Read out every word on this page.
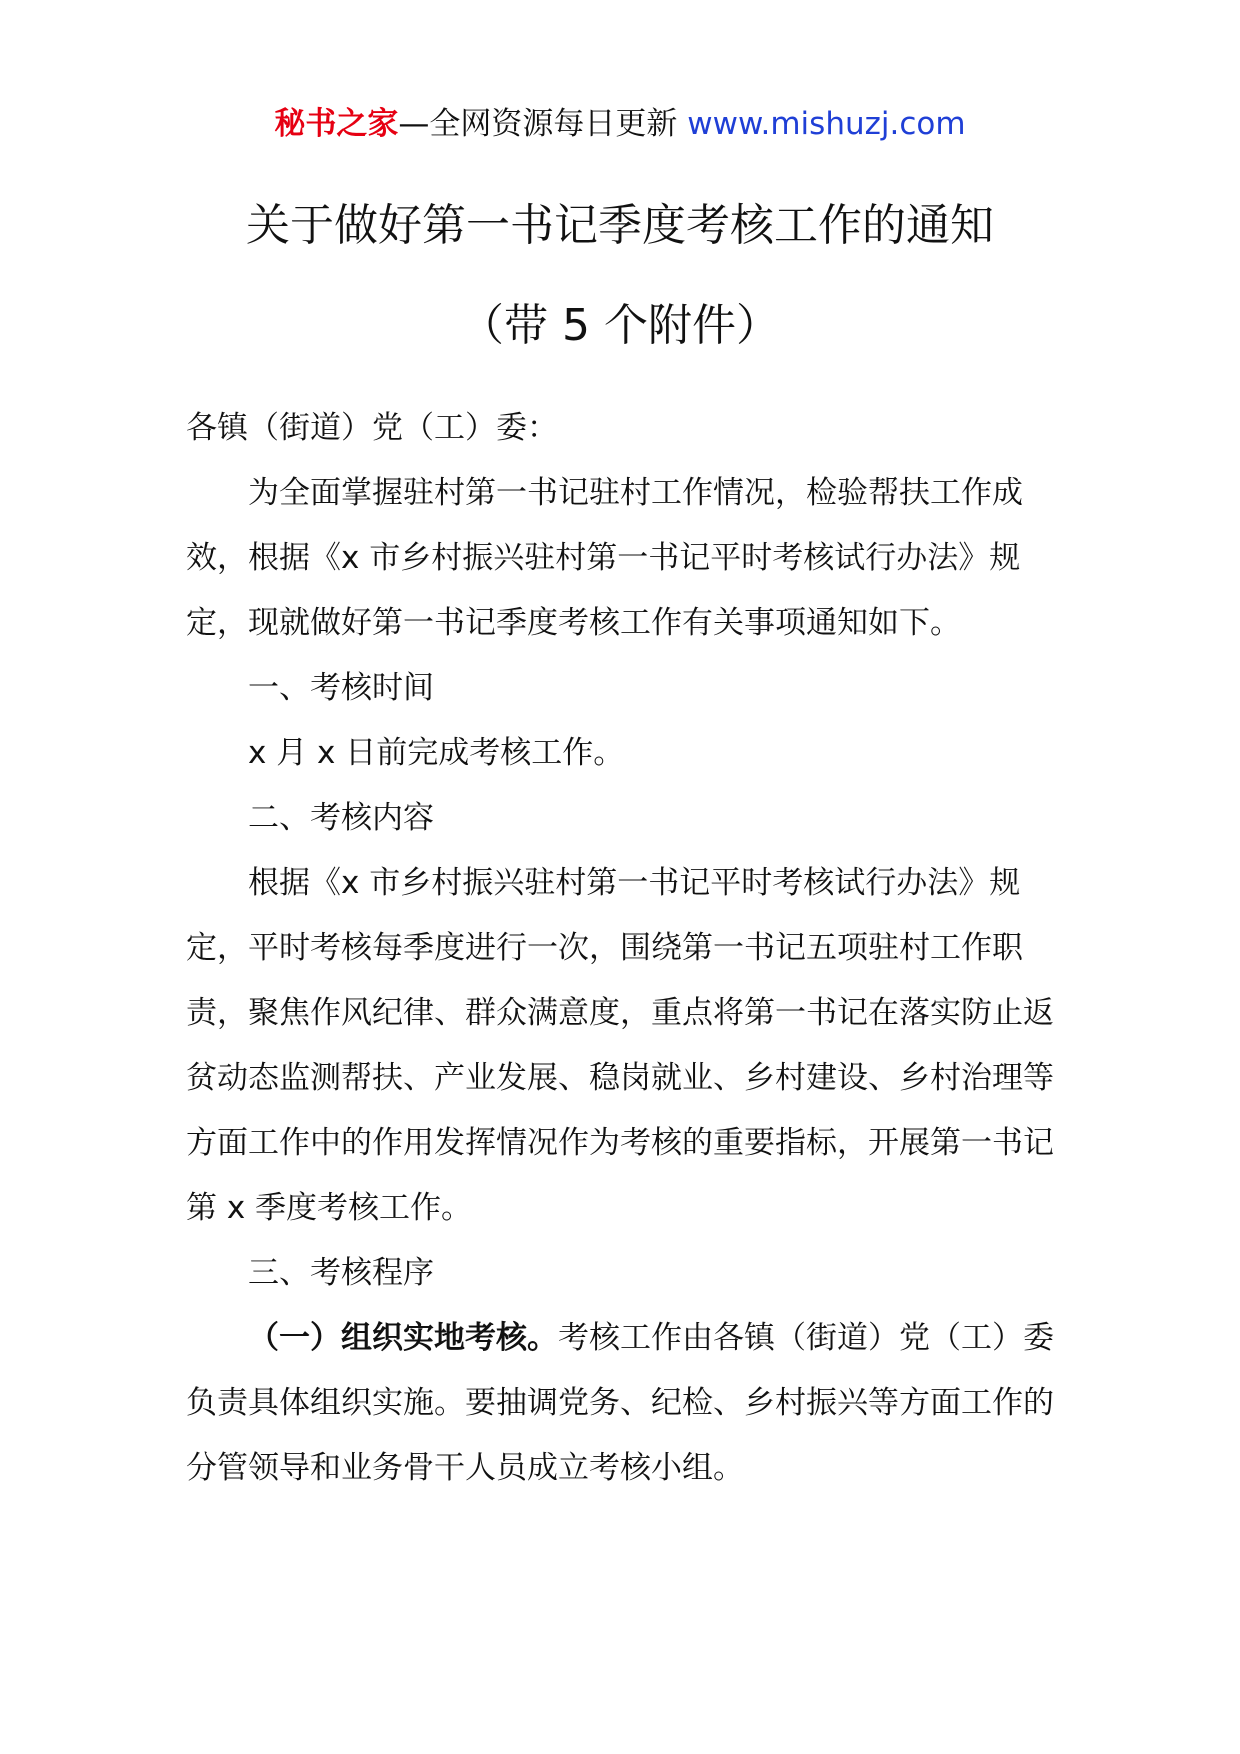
秘书之家—全网资源每日更新 www.mishuzj.com
关于做好第一书记季度考核工作的通知
（带 5 个附件）

各镇（街道）党（工）委：

为全面掌握驻村第一书记驻村工作情况，检验帮扶工作成效，根据《x 市乡村振兴驻村第一书记平时考核试行办法》规定，现就做好第一书记季度考核工作有关事项通知如下。

一、考核时间

x 月 x 日前完成考核工作。

二、考核内容

根据《x 市乡村振兴驻村第一书记平时考核试行办法》规定，平时考核每季度进行一次，围绕第一书记五项驻村工作职责，聚焦作风纪律、群众满意度，重点将第一书记在落实防止返贫动态监测帮扶、产业发展、稳岗就业、乡村建设、乡村治理等方面工作中的作用发挥情况作为考核的重要指标，开展第一书记第 x 季度考核工作。

三、考核程序

（一）组织实地考核。考核工作由各镇（街道）党（工）委负责具体组织实施。要抽调党务、纪检、乡村振兴等方面工作的分管领导和业务骨干人员成立考核小组。
